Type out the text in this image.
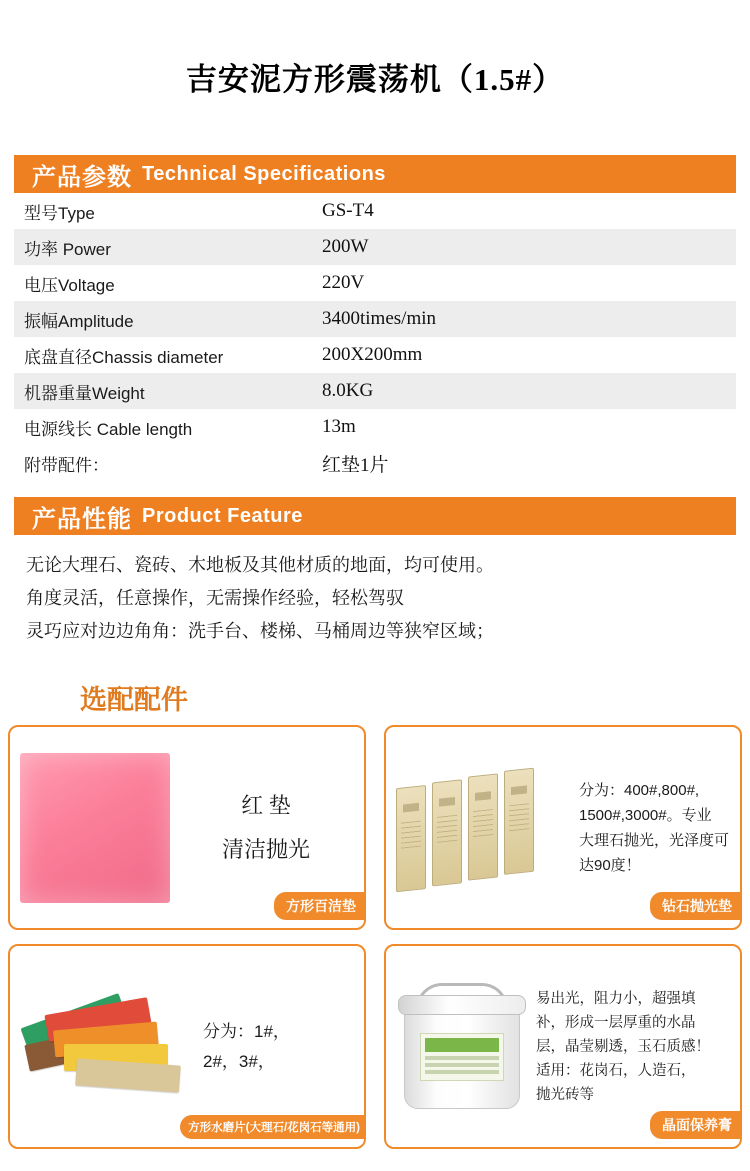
吉安泥方形震荡机（1.5#）
产品参数 Technical Specifications
型号Type	GS-T4
功率 Power	200W
电压Voltage	220V
振幅Amplitude	3400times/min
底盘直径Chassis diameter	200X200mm
机器重量Weight	8.0KG
电源线长 Cable length	13m
附带配件：	红垫1片
产品性能 Product Feature
无论大理石、瓷砖、木地板及其他材质的地面，均可使用。
角度灵活，任意操作，无需操作经验，轻松驾驭
灵巧应对边边角角：洗手台、楼梯、马桶周边等狭窄区域；
选配配件
红 垫
清洁抛光
方形百洁垫
分为：400#,800#,
1500#,3000#。专业
大理石抛光，光泽度可
达90度！
钻石抛光垫
分为：1#，
2#，3#，
方形水磨片(大理石/花岗石等通用)
易出光，阻力小，超强填
补，形成一层厚重的水晶
层，晶莹剔透，玉石质感！
适用：花岗石，人造石，
抛光砖等
晶面保养膏
